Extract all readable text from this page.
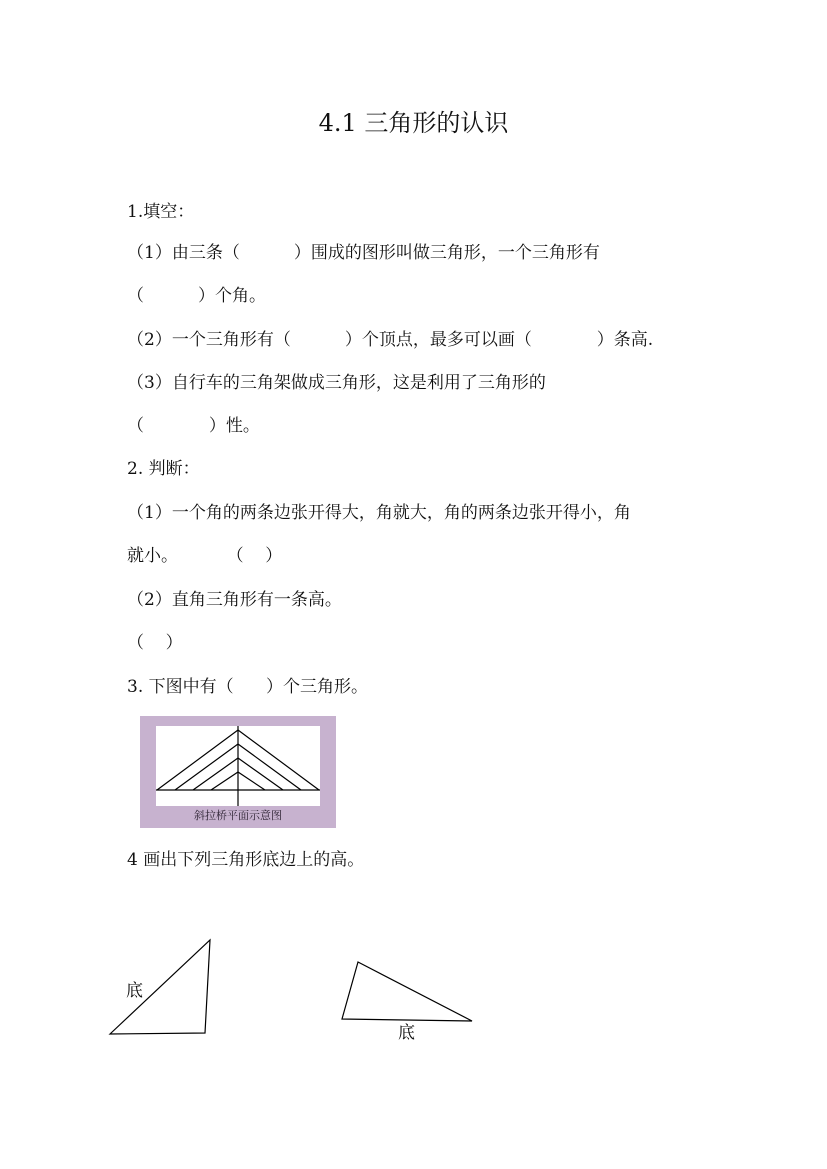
4.1 三角形的认识
1.填空：
（1）由三条（          ）围成的图形叫做三角形，一个三角形有
（          ）个角。
（2）一个三角形有（          ）个顶点，最多可以画（            ）条高.
（3）自行车的三角架做成三角形，这是利用了三角形的
（            ）性。
2. 判断：
（1）一个角的两条边张开得大，角就大，角的两条边张开得小，角
就小。         （    ）
（2）直角三角形有一条高。
（    ）
3. 下图中有（      ）个三角形。
斜拉桥平面示意图
4 画出下列三角形底边上的高。
底
底
